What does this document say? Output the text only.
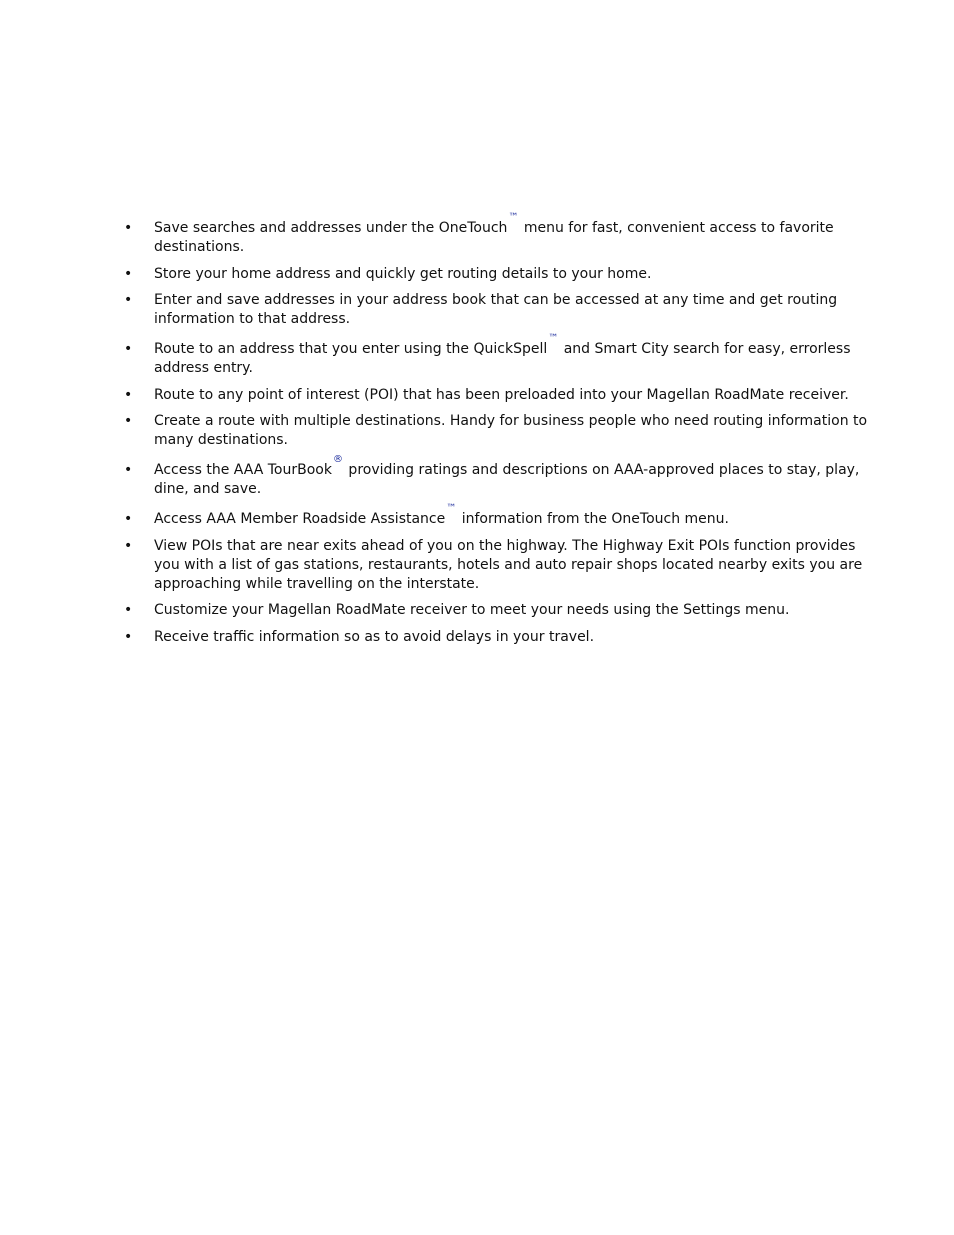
• Save searches and addresses under the OneTouch™ menu for fast, convenient access to favorite destinations.
• Store your home address and quickly get routing details to your home.
• Enter and save addresses in your address book that can be accessed at any time and get routing information to that address.
• Route to an address that you enter using the QuickSpell™ and Smart City search for easy, errorless address entry.
• Route to any point of interest (POI) that has been preloaded into your Magellan RoadMate receiver.
• Create a route with multiple destinations. Handy for business people who need routing information to many destinations.
• Access the AAA TourBook® providing ratings and descriptions on AAA-approved places to stay, play, dine, and save.
• Access AAA Member Roadside Assistance™ information from the OneTouch menu.
• View POIs that are near exits ahead of you on the highway. The Highway Exit POIs function provides you with a list of gas stations, restaurants, hotels and auto repair shops located nearby exits you are approaching while travelling on the interstate.
• Customize your Magellan RoadMate receiver to meet your needs using the Settings menu.
• Receive traffic information so as to avoid delays in your travel.
